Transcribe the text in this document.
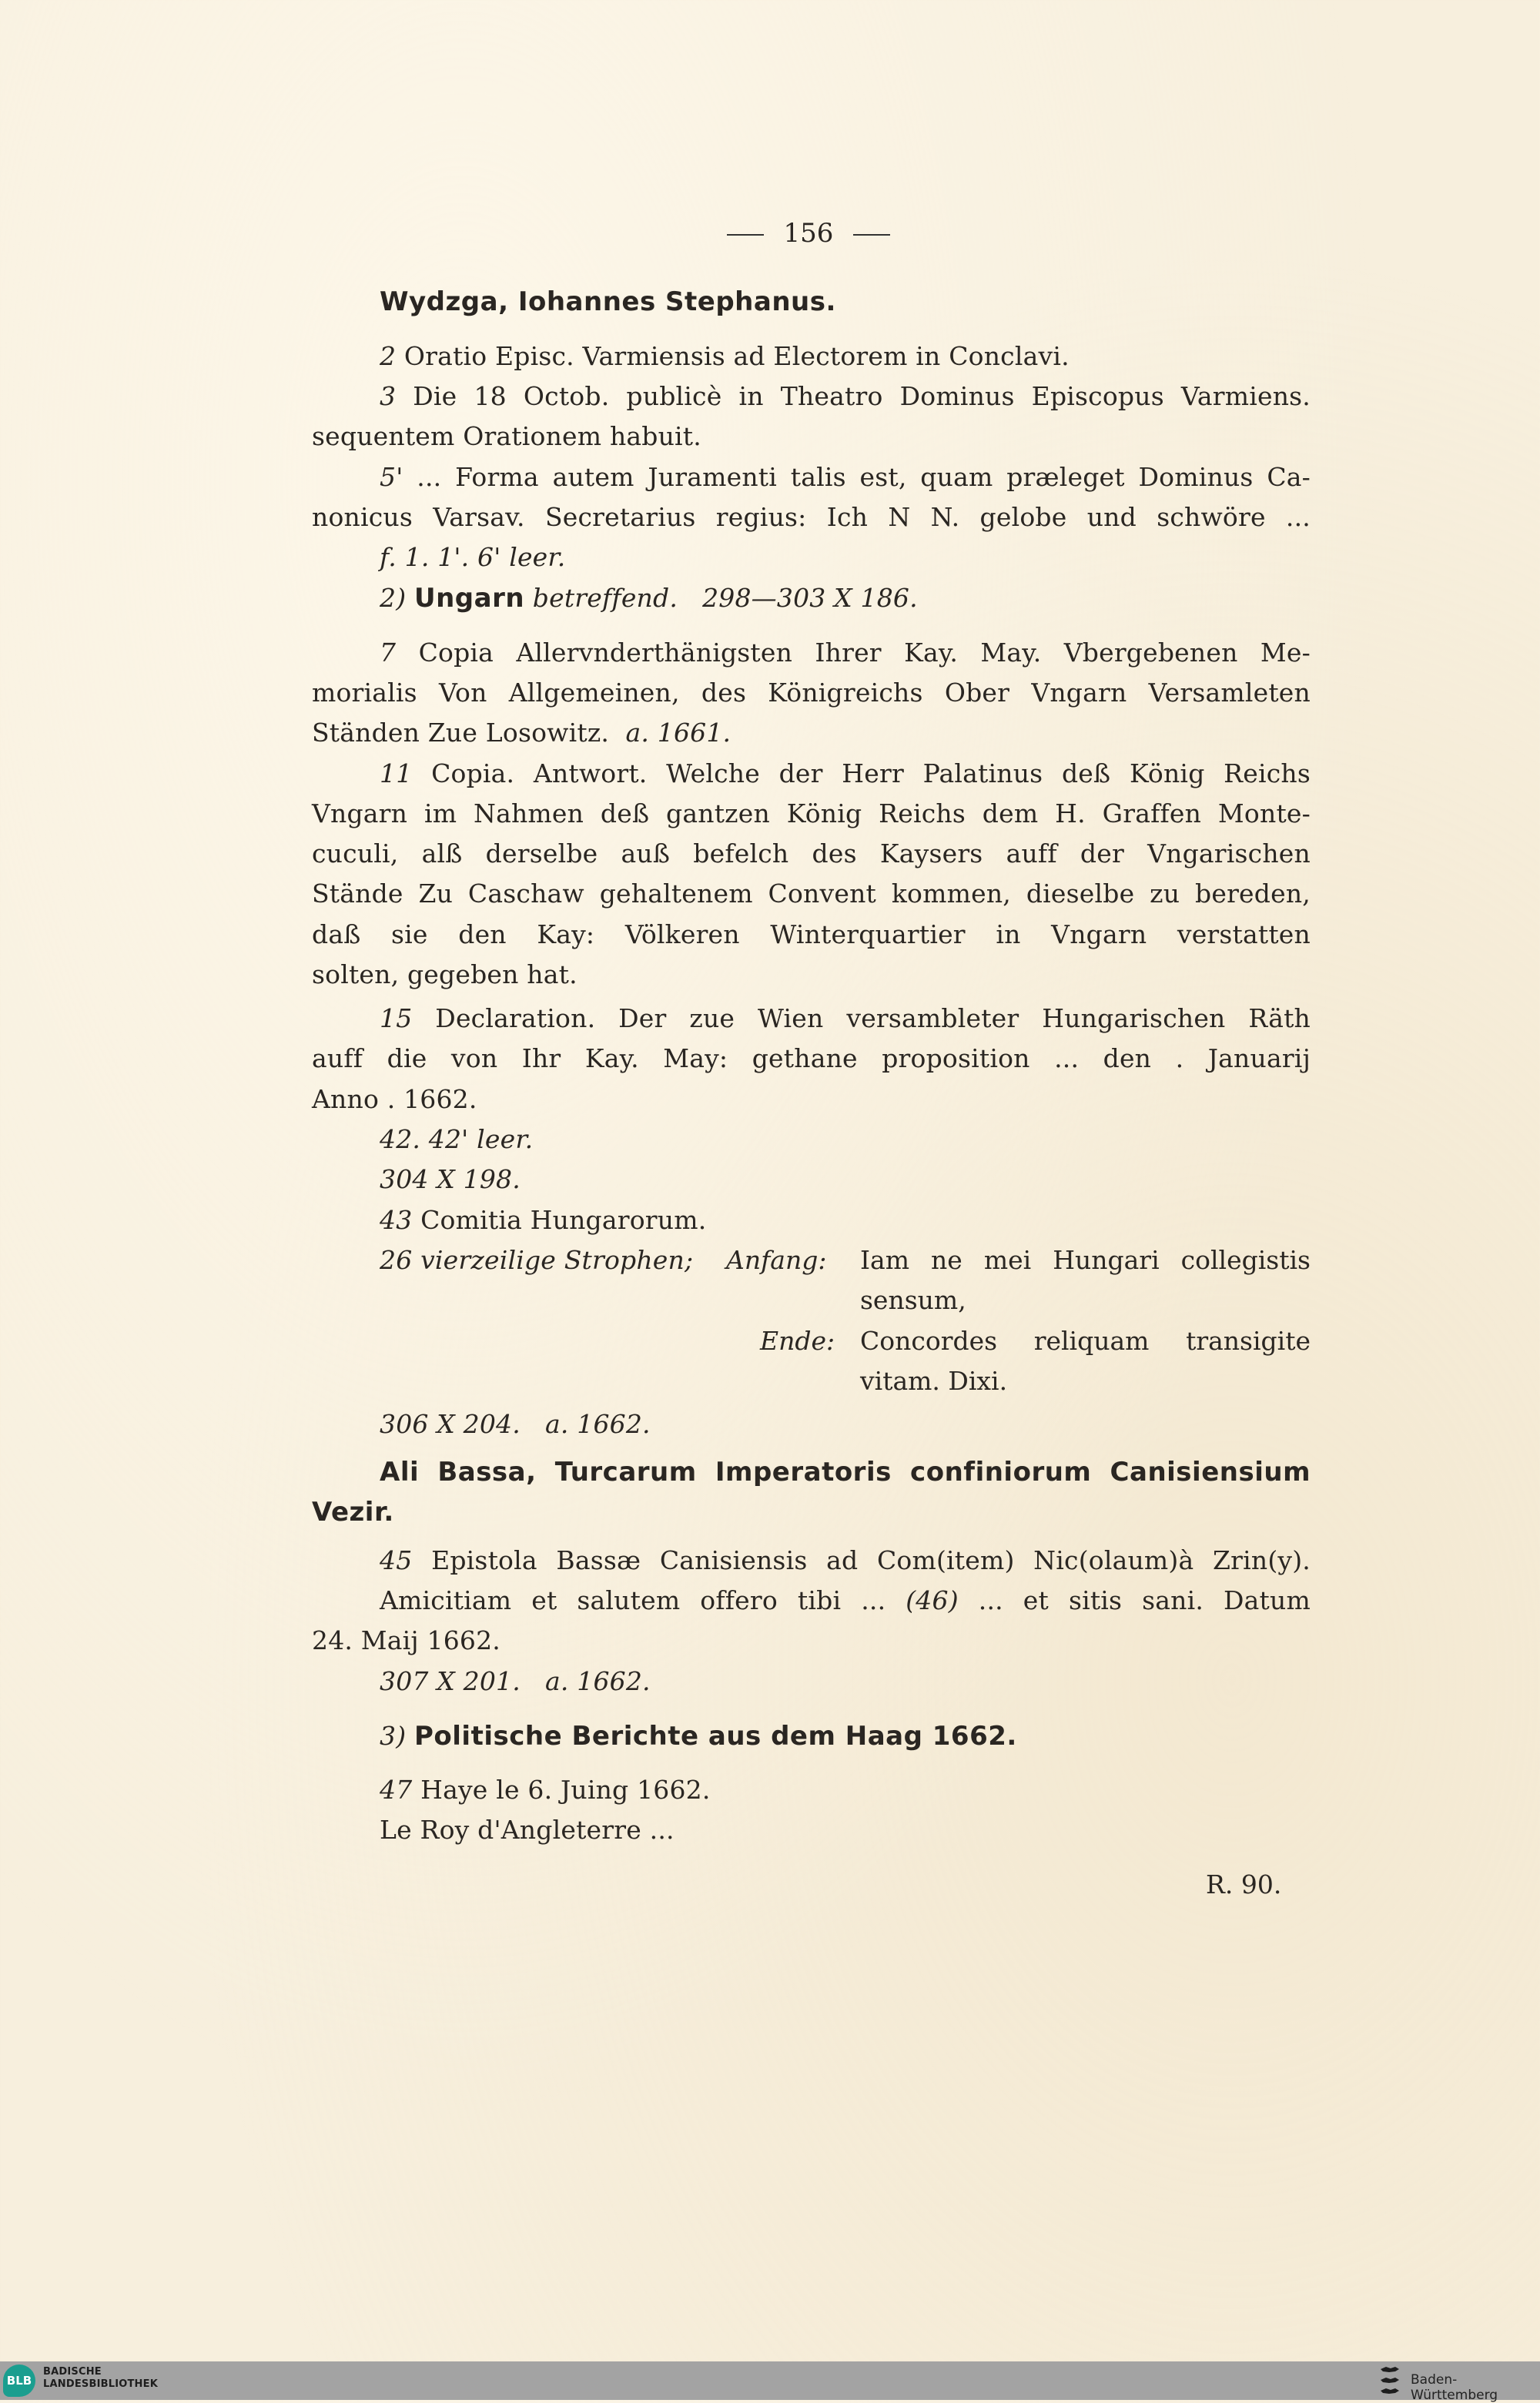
156
Wydzga, Iohannes Stephanus.
2 Oratio Episc. Varmiensis ad Electorem in Conclavi.
3 Die 18 Octob. publicè in Theatro Dominus Episcopus Varmiens.
sequentem Orationem habuit.
5' ... Forma autem Juramenti talis est, quam præleget Dominus Ca-
nonicus Varsav. Secretarius regius: Ich N N. gelobe und schwöre ...
f. 1. 1'. 6' leer.
2) Ungarn betreffend. 298—303 X 186.
7 Copia Allervnderthänigsten Ihrer Kay. May. Vbergebenen Me-
morialis Von Allgemeinen, des Königreichs Ober Vngarn Versamleten
Ständen Zue Losowitz. a. 1661.
11 Copia. Antwort. Welche der Herr Palatinus deß König Reichs
Vngarn im Nahmen deß gantzen König Reichs dem H. Graffen Monte-
cuculi, alß derselbe auß befelch des Kaysers auff der Vngarischen
Stände Zu Caschaw gehaltenem Convent kommen, dieselbe zu bereden,
daß sie den Kay: Völkeren Winterquartier in Vngarn verstatten
solten, gegeben hat.
15 Declaration. Der zue Wien versambleter Hungarischen Räth
auff die von Ihr Kay. May: gethane proposition ... den . Januarij
Anno . 1662.
42. 42' leer.
304 X 198.
43 Comitia Hungarorum.
26 vierzeilige Strophen; Anfang: Iam ne mei Hungari collegistis
sensum,
Ende: Concordes reliquam transigite
vitam. Dixi.
306 X 204. a. 1662.
Ali Bassa, Turcarum Imperatoris confiniorum Canisiensium
Vezir.
45 Epistola Bassæ Canisiensis ad Com(item) Nic(olaum)à Zrin(y).
Amicitiam et salutem offero tibi ... (46) ... et sitis sani. Datum
24. Maij 1662.
307 X 201. a. 1662.
3) Politische Berichte aus dem Haag 1662.
47 Haye le 6. Juing 1662.
Le Roy d'Angleterre ...
R. 90.
BLB
BADISCHE
LANDESBIBLIOTHEK	Baden-Württemberg
